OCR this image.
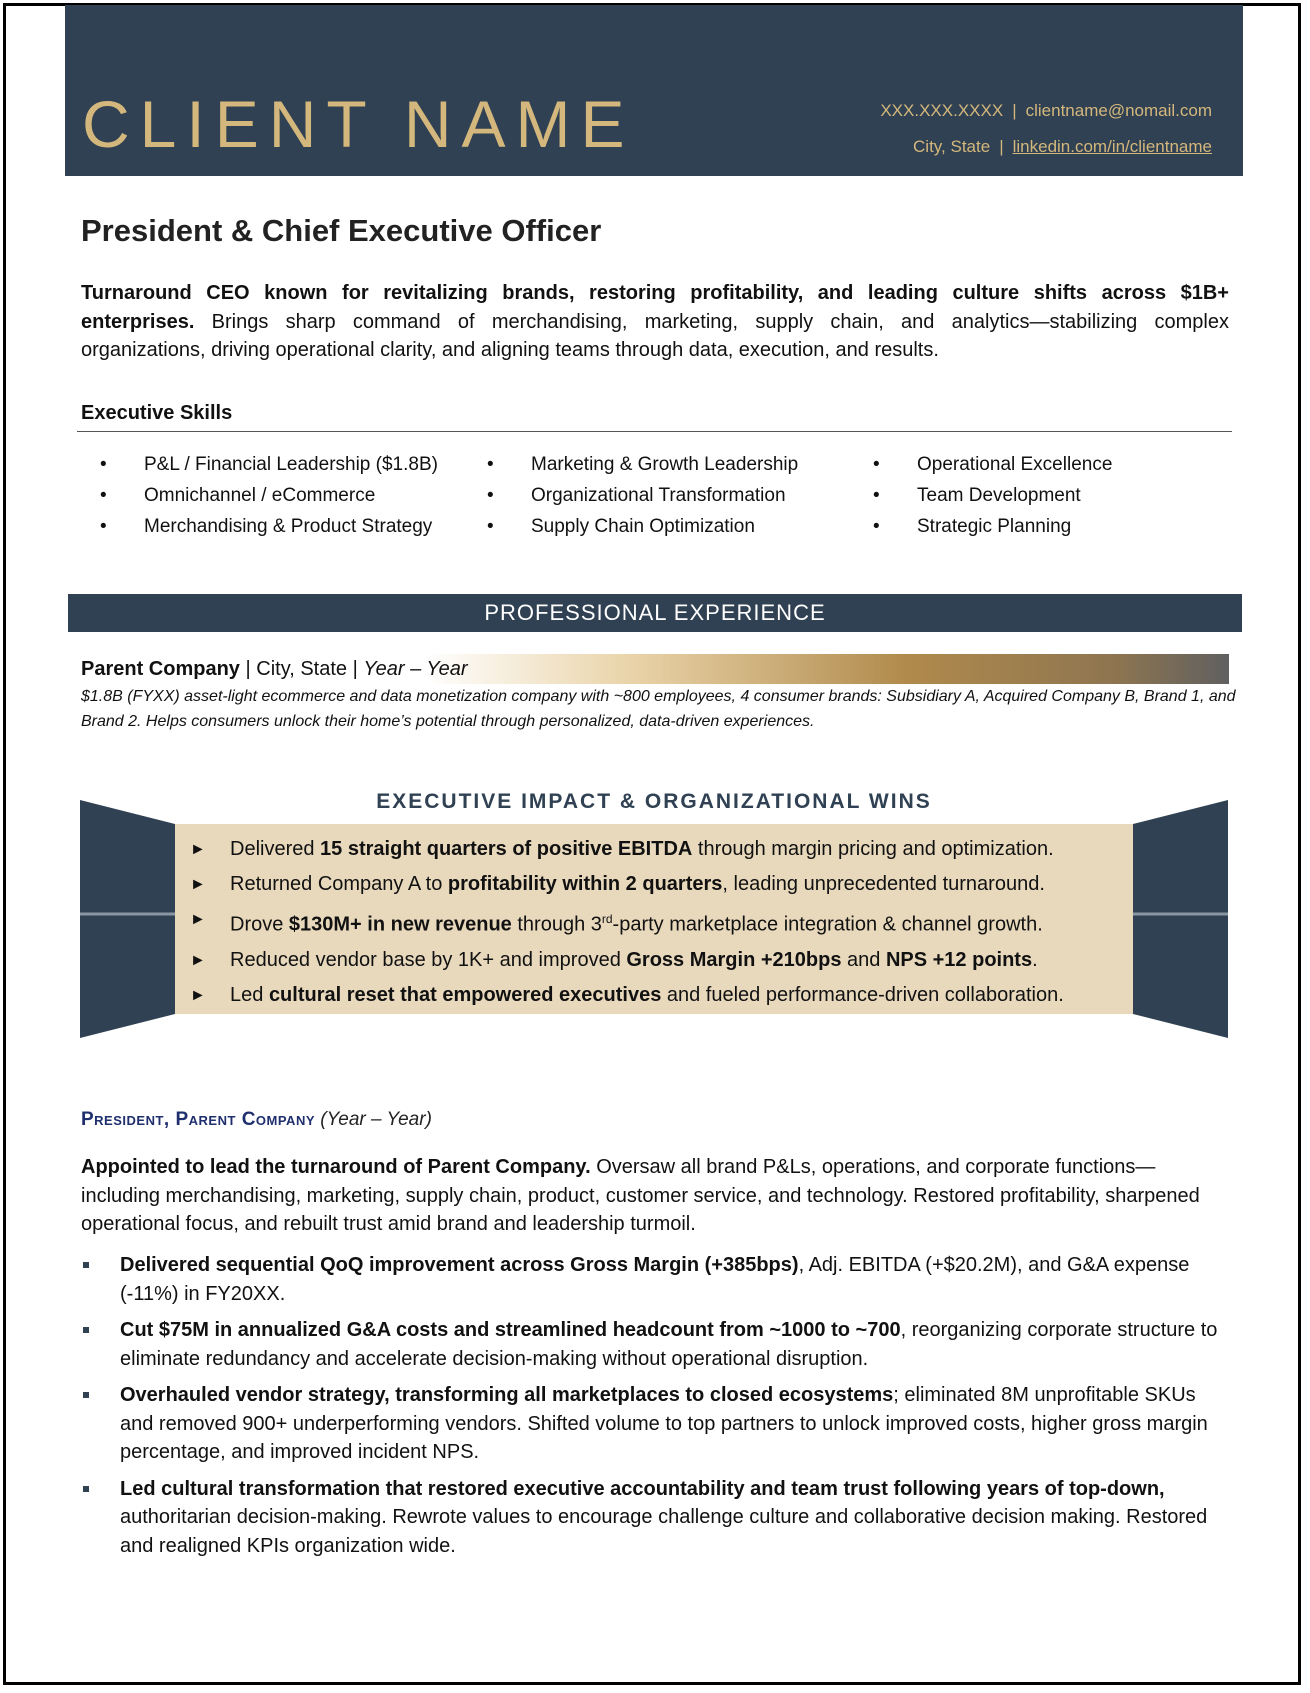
CLIENT NAME	XXX.XXX.XXXX | clientname@nomail.com
City, State | linkedin.com/in/clientname
President & Chief Executive Officer
Turnaround CEO known for revitalizing brands, restoring profitability, and leading culture shifts across $1B+ enterprises. Brings sharp command of merchandising, marketing, supply chain, and analytics—stabilizing complex organizations, driving operational clarity, and aligning teams through data, execution, and results.
Executive Skills
• P&L / Financial Leadership ($1.8B)
• Omnichannel / eCommerce
• Merchandising & Product Strategy
• Marketing & Growth Leadership
• Organizational Transformation
• Supply Chain Optimization
• Operational Excellence
• Team Development
• Strategic Planning
PROFESSIONAL EXPERIENCE
Parent Company | City, State | Year – Year
$1.8B (FYXX) asset-light ecommerce and data monetization company with ~800 employees, 4 consumer brands: Subsidiary A, Acquired Company B, Brand 1, and Brand 2. Helps consumers unlock their home’s potential through personalized, data-driven experiences.
EXECUTIVE IMPACT & ORGANIZATIONAL WINS
► Delivered 15 straight quarters of positive EBITDA through margin pricing and optimization.
► Returned Company A to profitability within 2 quarters, leading unprecedented turnaround.
► Drove $130M+ in new revenue through 3rd-party marketplace integration & channel growth.
► Reduced vendor base by 1K+ and improved Gross Margin +210bps and NPS +12 points.
► Led cultural reset that empowered executives and fueled performance-driven collaboration.
President, Parent Company (Year – Year)
Appointed to lead the turnaround of Parent Company. Oversaw all brand P&Ls, operations, and corporate functions—including merchandising, marketing, supply chain, product, customer service, and technology. Restored profitability, sharpened operational focus, and rebuilt trust amid brand and leadership turmoil.
Delivered sequential QoQ improvement across Gross Margin (+385bps), Adj. EBITDA (+$20.2M), and G&A expense (-11%) in FY20XX.
Cut $75M in annualized G&A costs and streamlined headcount from ~1000 to ~700, reorganizing corporate structure to eliminate redundancy and accelerate decision-making without operational disruption.
Overhauled vendor strategy, transforming all marketplaces to closed ecosystems; eliminated 8M unprofitable SKUs and removed 900+ underperforming vendors. Shifted volume to top partners to unlock improved costs, higher gross margin percentage, and improved incident NPS.
Led cultural transformation that restored executive accountability and team trust following years of top-down, authoritarian decision-making. Rewrote values to encourage challenge culture and collaborative decision making. Restored and realigned KPIs organization wide.
